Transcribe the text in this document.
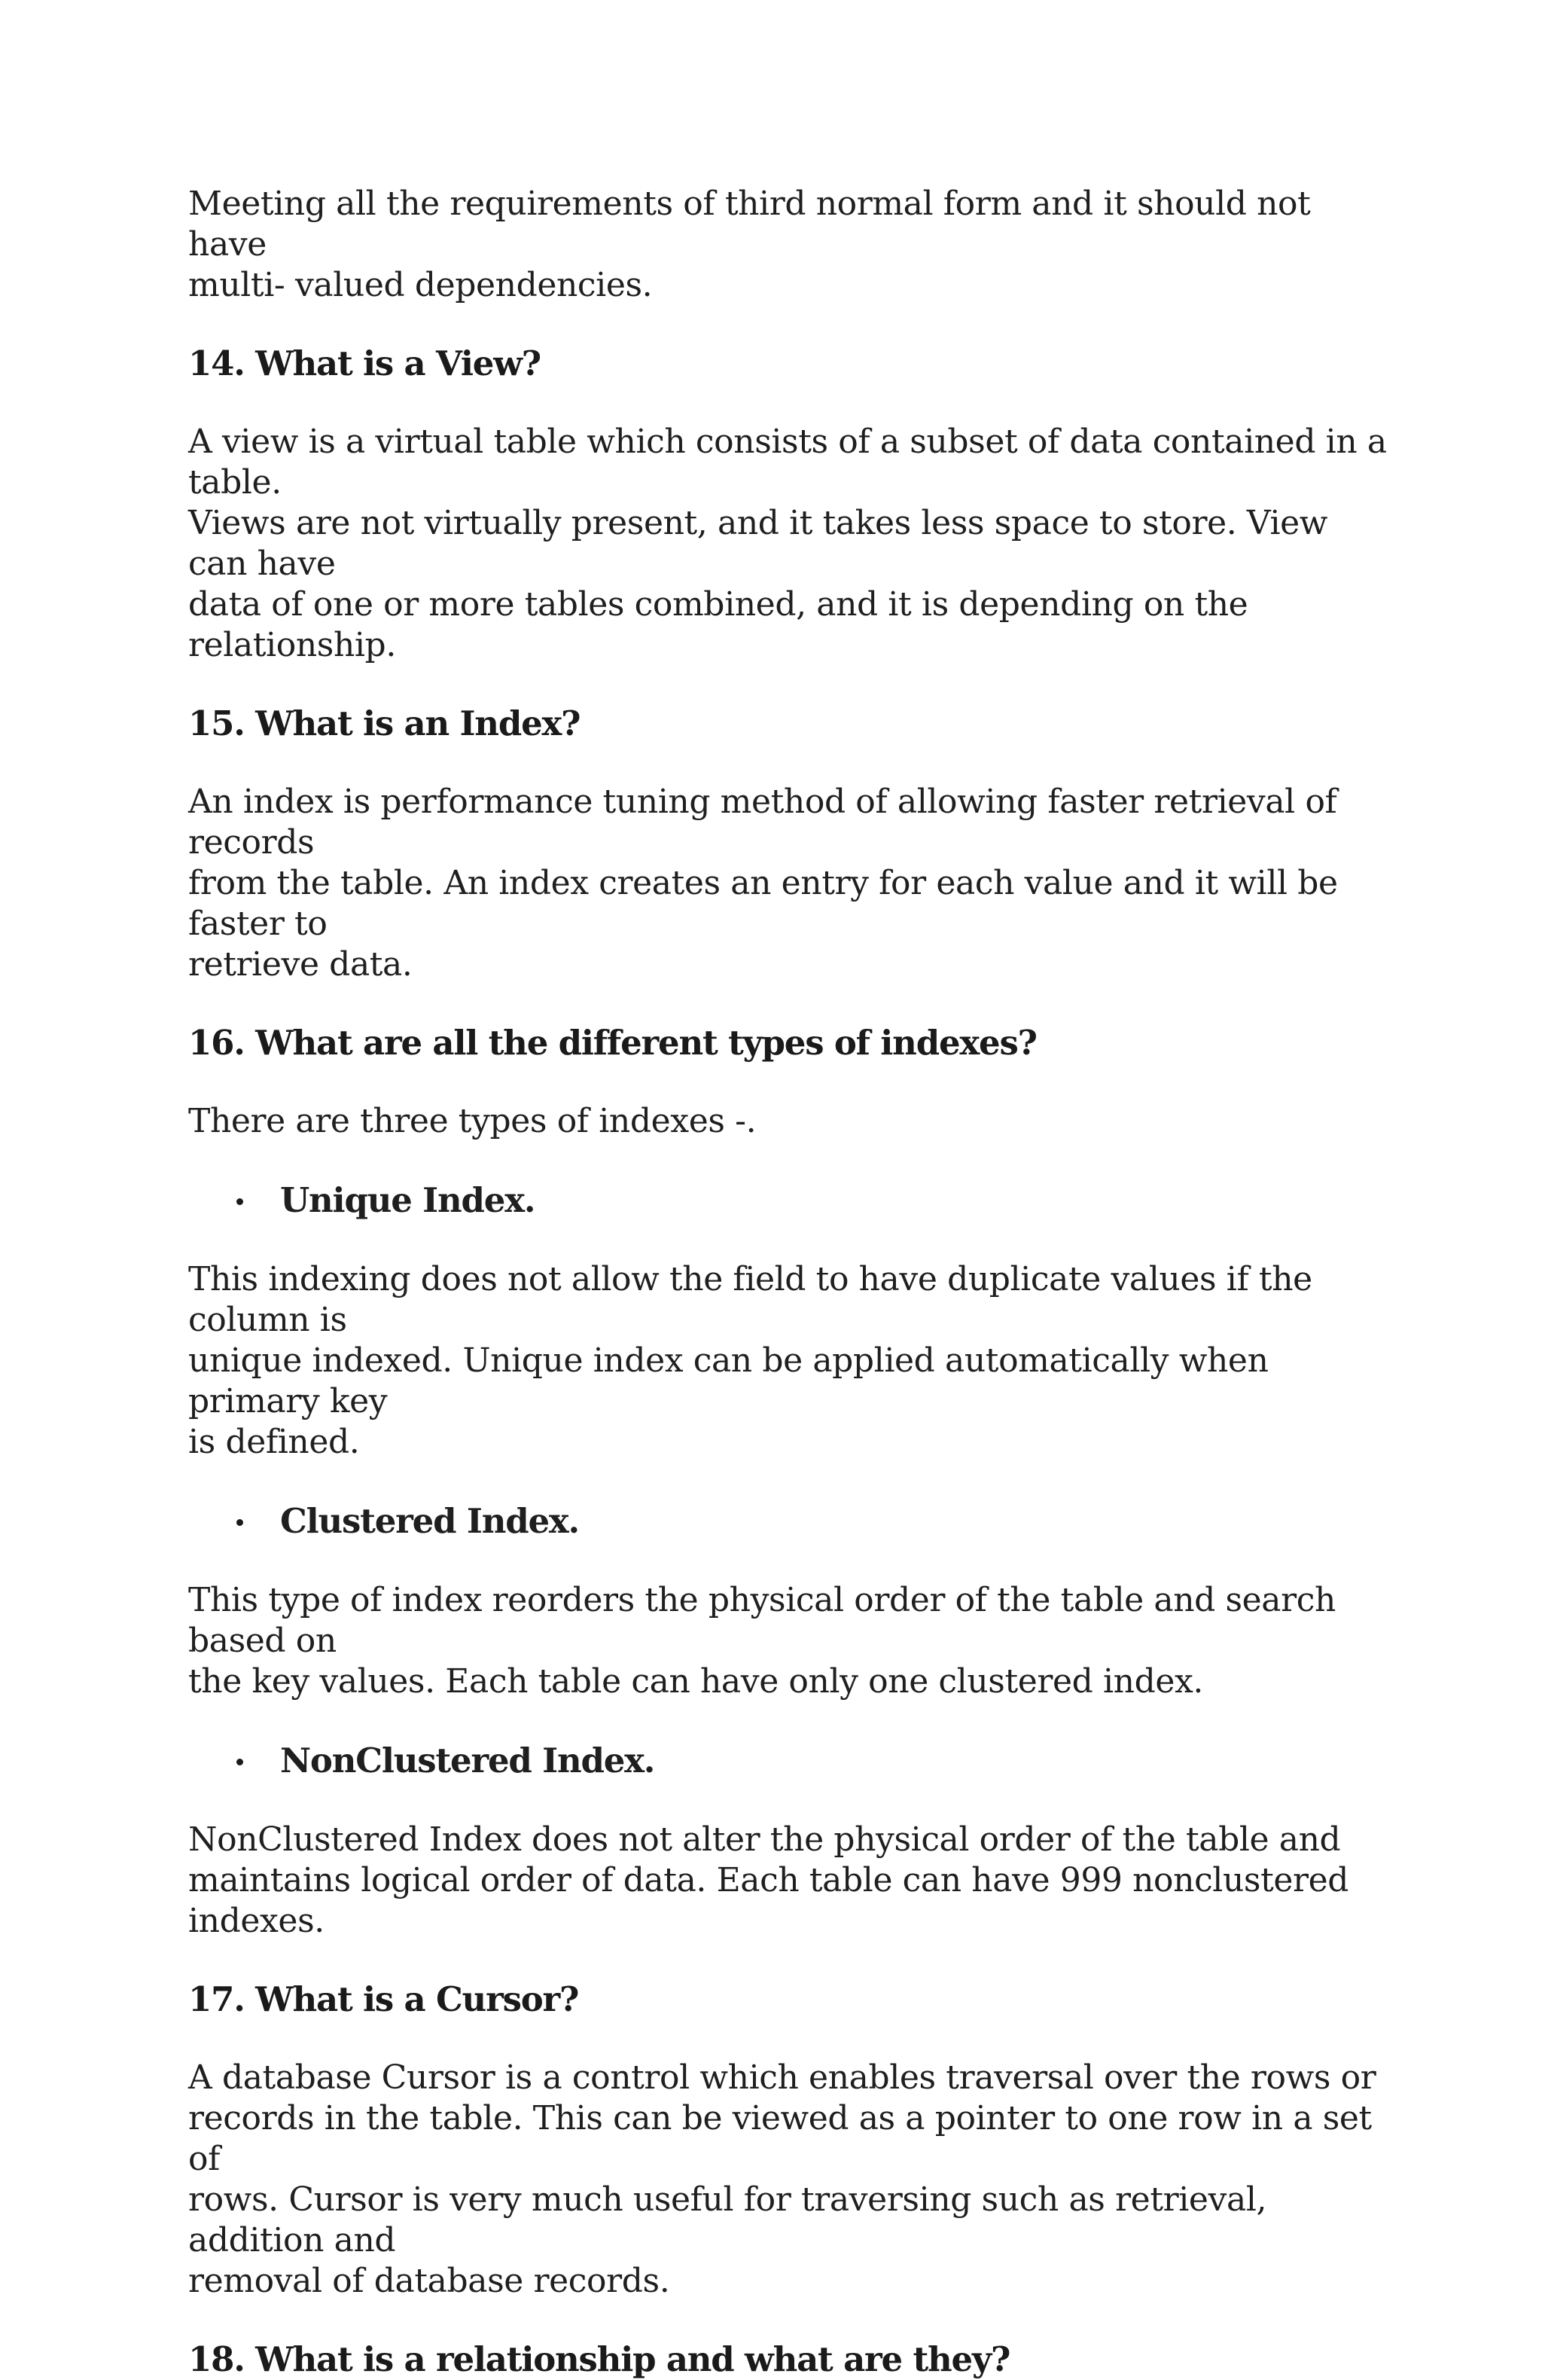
Meeting all the requirements of third normal form and it should not have
multi- valued dependencies.

14. What is a View?

A view is a virtual table which consists of a subset of data contained in a table.
Views are not virtually present, and it takes less space to store. View can have
data of one or more tables combined, and it is depending on the relationship.

15. What is an Index?

An index is performance tuning method of allowing faster retrieval of records
from the table. An index creates an entry for each value and it will be faster to
retrieve data.

16. What are all the different types of indexes?

There are three types of indexes -.

Unique Index.

This indexing does not allow the field to have duplicate values if the column is
unique indexed. Unique index can be applied automatically when primary key
is defined.

Clustered Index.

This type of index reorders the physical order of the table and search based on
the key values. Each table can have only one clustered index.

NonClustered Index.

NonClustered Index does not alter the physical order of the table and
maintains logical order of data. Each table can have 999 nonclustered indexes.

17. What is a Cursor?

A database Cursor is a control which enables traversal over the rows or
records in the table. This can be viewed as a pointer to one row in a set of
rows. Cursor is very much useful for traversing such as retrieval, addition and
removal of database records.

18. What is a relationship and what are they?
